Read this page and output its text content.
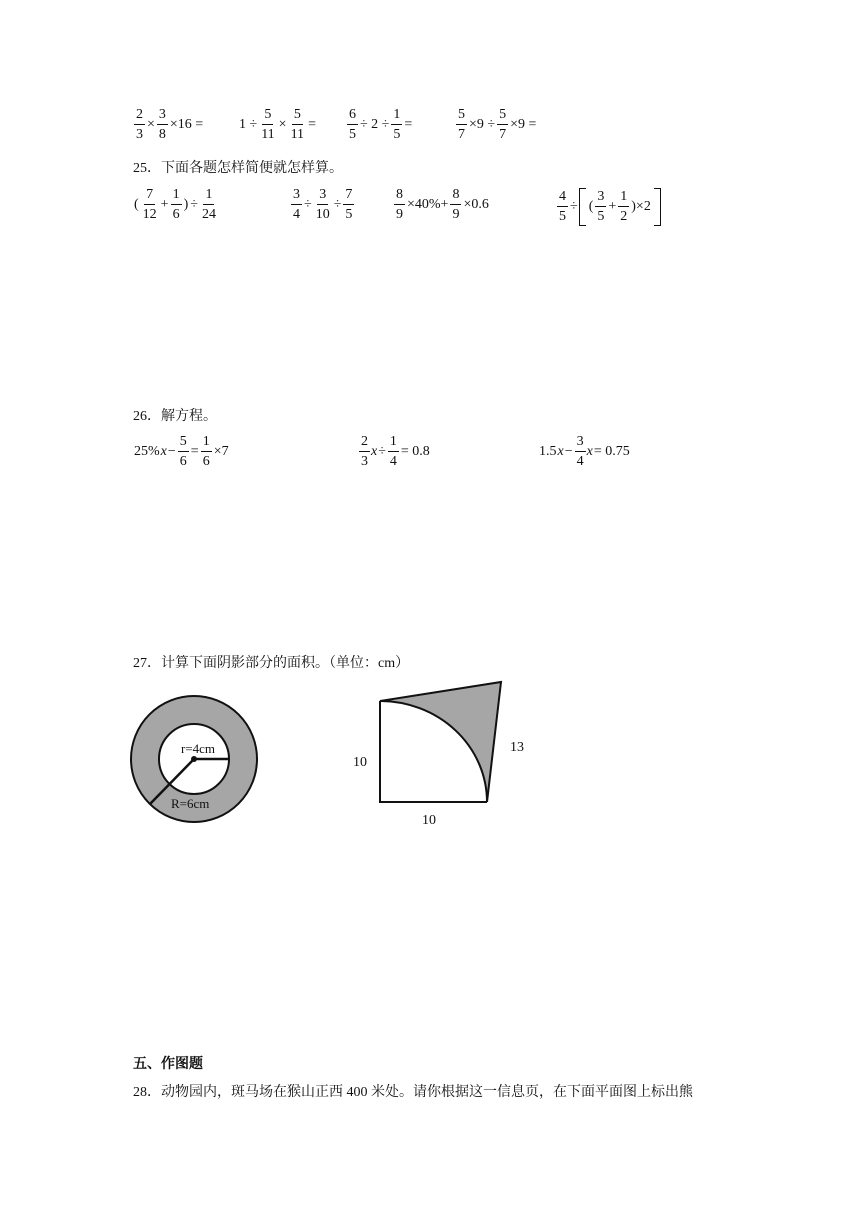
$\frac{2}{3} \times \frac{3}{8} \times 16$ =	$1 \div \frac{5}{11} \times \frac{5}{11} = \frac{6}{5} \div 2 \div \frac{1}{5}$ =	$\frac{5}{7} \times 9 \div \frac{5}{7} \times 9$ =
25．下面各题怎样简便就怎样算。
( $\frac{7}{12} + \frac{1}{6}$ ) ÷ $\frac{1}{24}$	$\frac{3}{4} \div \frac{3}{10} \div \frac{7}{5}$	$\frac{8}{9} \times 40\%+ \frac{8}{9} \times 0.6$	$\frac{4}{5}$ ÷ ( $\frac{3}{5} + \frac{1}{2} )\times 2$
26．解方程。
25% $x - \frac{5}{6} = \frac{1}{6} \times 7$	$\frac{2}{3}$ $x \div \frac{1}{4} = 0.8$	1.5 $x - \frac{3}{4}$ x = 0.75
27．计算下面阴影部分的面积。（单位：cm）
r=4cm
R=6cm
10
10
13
五、作图题
28．动物园内，斑马场在猴山正西 400 米处。请你根据这一信息页，在下面平面图上标出熊
